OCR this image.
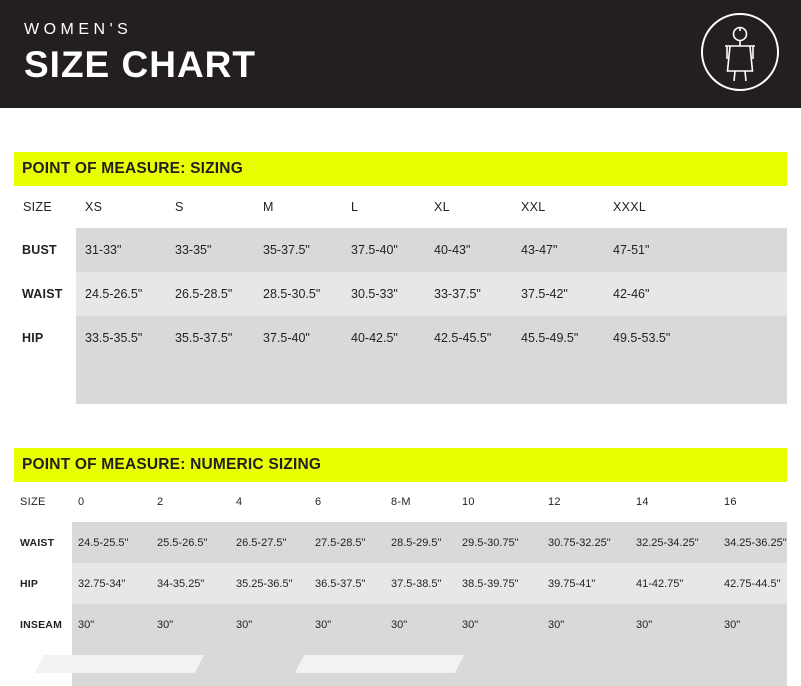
WOMEN'S
SIZE CHART
POINT OF MEASURE: SIZING
SIZE	XS	S	M	L	XL	XXL	XXXL
BUST	31-33"	33-35"	35-37.5"	37.5-40"	40-43"	43-47"	47-51"
WAIST	24.5-26.5"	26.5-28.5"	28.5-30.5"	30.5-33"	33-37.5"	37.5-42"	42-46"
HIP	33.5-35.5"	35.5-37.5"	37.5-40"	40-42.5"	42.5-45.5"	45.5-49.5"	49.5-53.5"

POINT OF MEASURE: NUMERIC SIZING
SIZE	0	2	4	6	8-M	10	12	14	16
WAIST	24.5-25.5"	25.5-26.5"	26.5-27.5"	27.5-28.5"	28.5-29.5"	29.5-30.75"	30.75-32.25"	32.25-34.25"	34.25-36.25"
HIP	32.75-34"	34-35.25"	35.25-36.5"	36.5-37.5"	37.5-38.5"	38.5-39.75"	39.75-41"	41-42.75"	42.75-44.5"
INSEAM	30"	30"	30"	30"	30"	30"	30"	30"	30"
